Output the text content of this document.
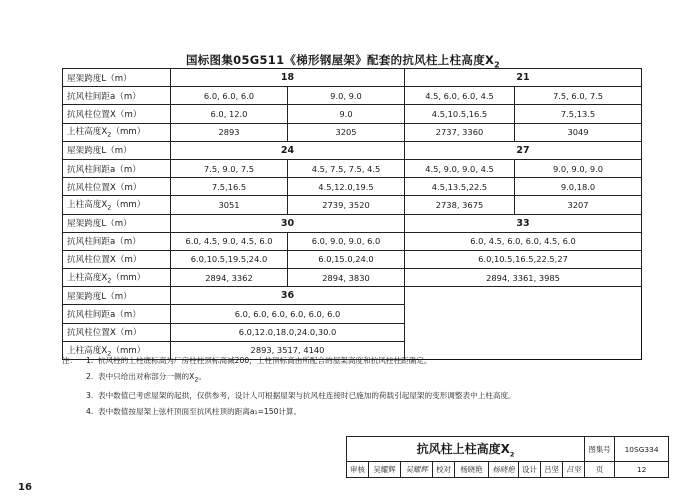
国标图集05G511《梯形钢屋架》配套的抗风柱上柱高度$X_2$
屋架跨度L（m）	18		21	
抗风柱间距a（m）	6.0, 6.0, 6.0	9.0, 9.0	4.5, 6.0, 6.0, 4.5	7.5, 6.0, 7.5
抗风柱位置X（m）	6.0, 12.0	9.0	4.5,10.5,16.5	7.5,13.5
上柱高度$X_2(mm)$	2893	3205	2737, 3360	3049
屋架跨度L（m）	24		27	
抗风柱间距a（m）	7.5, 9.0, 7.5	4.5, 7.5, 7.5, 4.5	4.5, 9.0, 9.0, 4.5	9.0, 9.0, 9.0
抗风柱位置X（m）	7.5,16.5	4.5,12.0,19.5	4.5,13.5,22.5	9.0,18.0
上柱高度$X_2(mm)$	3051	2739, 3520	2738, 3675	3207
屋架跨度L（m）	30		33	
抗风柱间距a（m）	6.0, 4.5, 9.0, 4.5, 6.0	6.0, 9.0, 9.0, 6.0	6.0, 4.5, 6.0, 6.0, 4.5, 6.0	
抗风柱位置X（m）	6.0,10.5,19.5,24.0	6.0,15.0,24.0	6.0,10.5,16.5,22.5,27	
上柱高度$X_2(mm)$	2894, 3362	2894, 3830	2894, 3361, 3985	
屋架跨度L（m）	36			
抗风柱间距a（m）	6.0, 6.0, 6.0, 6.0, 6.0, 6.0			
抗风柱位置X（m）	6.0,12.0,18.0,24.0,30.0			
上柱高度$X_2(mm)$	2893, 3517, 4140			
注：	1. 抗风柱的上柱底标高为厂房柱柱顶标高减200，上柱顶标高由所配合的屋架高度和抗风柱柱距确定。
2. 表中只给出对称部分一侧的$X_2$。
3. 表中数值已考虑屋架的起拱，仅供参考，设计人可根据屋架与抗风柱连接时已施加的荷载引起屋架的变形调整表中上柱高度。
4. 表中数值按屋架上弦杆顶面至抗风柱顶的距离a₁=150计算。
抗风柱上柱高度$X_2$									图集号	10SG334
审核	吴耀辉	吴耀辉	校对	杨晓艳	杨晓艳	设计	吕坚	吕坚	页	12
16
